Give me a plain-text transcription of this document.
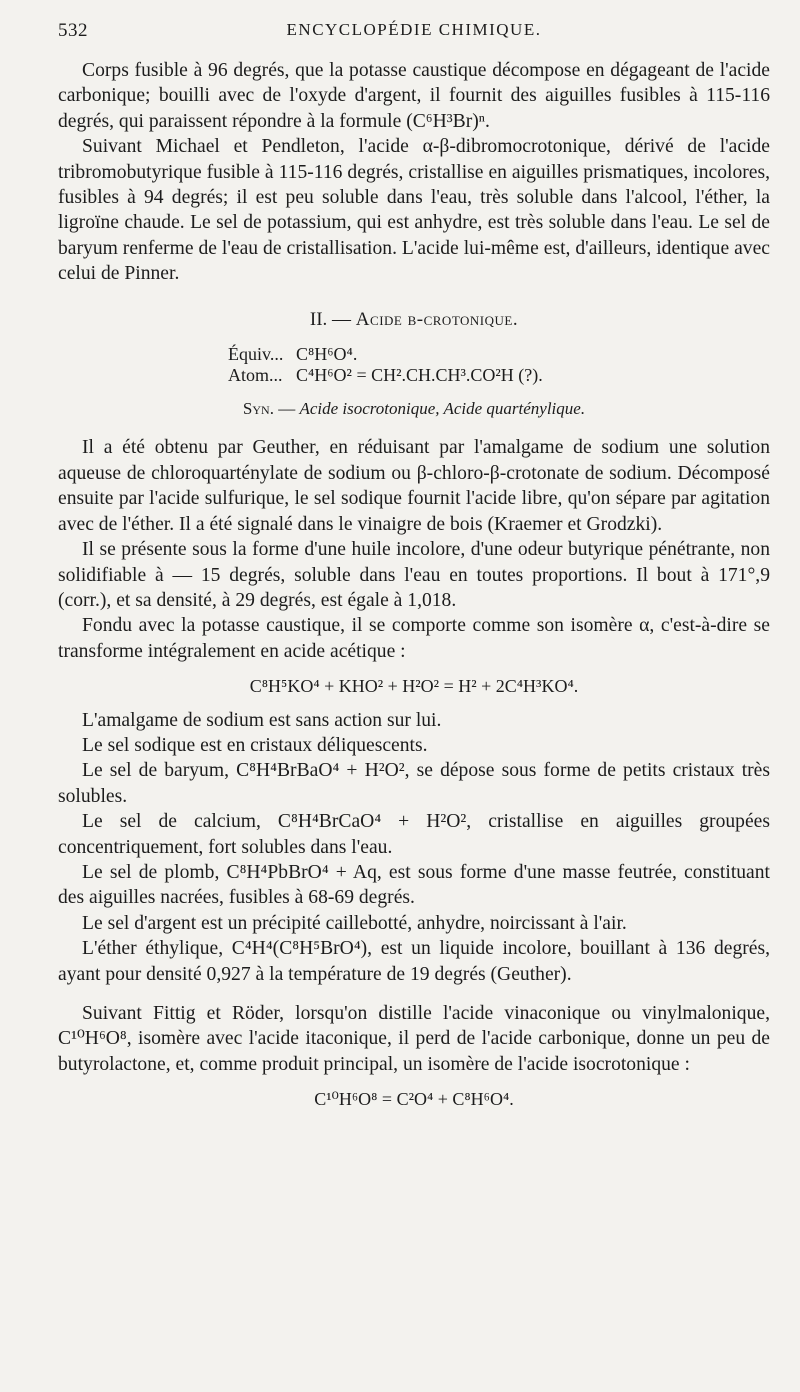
532	ENCYCLOPÉDIE CHIMIQUE.

Corps fusible à 96 degrés, que la potasse caustique décompose en dégageant de l'acide carbonique; bouilli avec de l'oxyde d'argent, il fournit des aiguilles fusibles à 115-116 degrés, qui paraissent répondre à la formule (C⁶H³Br)ⁿ.

Suivant Michael et Pendleton, l'acide α-β-dibromocrotonique, dérivé de l'acide tribromobutyrique fusible à 115-116 degrés, cristallise en aiguilles prismatiques, incolores, fusibles à 94 degrés; il est peu soluble dans l'eau, très soluble dans l'alcool, l'éther, la ligroïne chaude. Le sel de potassium, qui est anhydre, est très soluble dans l'eau. Le sel de baryum renferme de l'eau de cristallisation. L'acide lui-même est, d'ailleurs, identique avec celui de Pinner.

II. — Acide β-crotonique.
Équiv... C⁸H⁶O⁴.
Atom... C⁴H⁶O² = CH².CH.CH³.CO²H (?).
Syn. — Acide isocrotonique, Acide quarténylique.

Il a été obtenu par Geuther, en réduisant par l'amalgame de sodium une solution aqueuse de chloroquarténylate de sodium ou β-chloro-β-crotonate de sodium. Décomposé ensuite par l'acide sulfurique, le sel sodique fournit l'acide libre, qu'on sépare par agitation avec de l'éther. Il a été signalé dans le vinaigre de bois (Kraemer et Grodzki).

Il se présente sous la forme d'une huile incolore, d'une odeur butyrique pénétrante, non solidifiable à — 15 degrés, soluble dans l'eau en toutes proportions. Il bout à 171°,9 (corr.), et sa densité, à 29 degrés, est égale à 1,018.

Fondu avec la potasse caustique, il se comporte comme son isomère α, c'est-à-dire se transforme intégralement en acide acétique :

C⁸H⁵KO⁴ + KHO² + H²O² = H² + 2C⁴H³KO⁴.

L'amalgame de sodium est sans action sur lui.

Le sel sodique est en cristaux déliquescents.

Le sel de baryum, C⁸H⁴BrBaO⁴ + H²O², se dépose sous forme de petits cristaux très solubles.

Le sel de calcium, C⁸H⁴BrCaO⁴ + H²O², cristallise en aiguilles groupées concentriquement, fort solubles dans l'eau.

Le sel de plomb, C⁸H⁴PbBrO⁴ + Aq, est sous forme d'une masse feutrée, constituant des aiguilles nacrées, fusibles à 68-69 degrés.

Le sel d'argent est un précipité caillebotté, anhydre, noircissant à l'air.

L'éther éthylique, C⁴H⁴(C⁸H⁵BrO⁴), est un liquide incolore, bouillant à 136 degrés, ayant pour densité 0,927 à la température de 19 degrés (Geuther).

Suivant Fittig et Röder, lorsqu'on distille l'acide vinaconique ou vinylmalonique, C¹⁰H⁶O⁸, isomère avec l'acide itaconique, il perd de l'acide carbonique, donne un peu de butyrolactone, et, comme produit principal, un isomère de l'acide isocrotonique :

C¹⁰H⁶O⁸ = C²O⁴ + C⁸H⁶O⁴.
